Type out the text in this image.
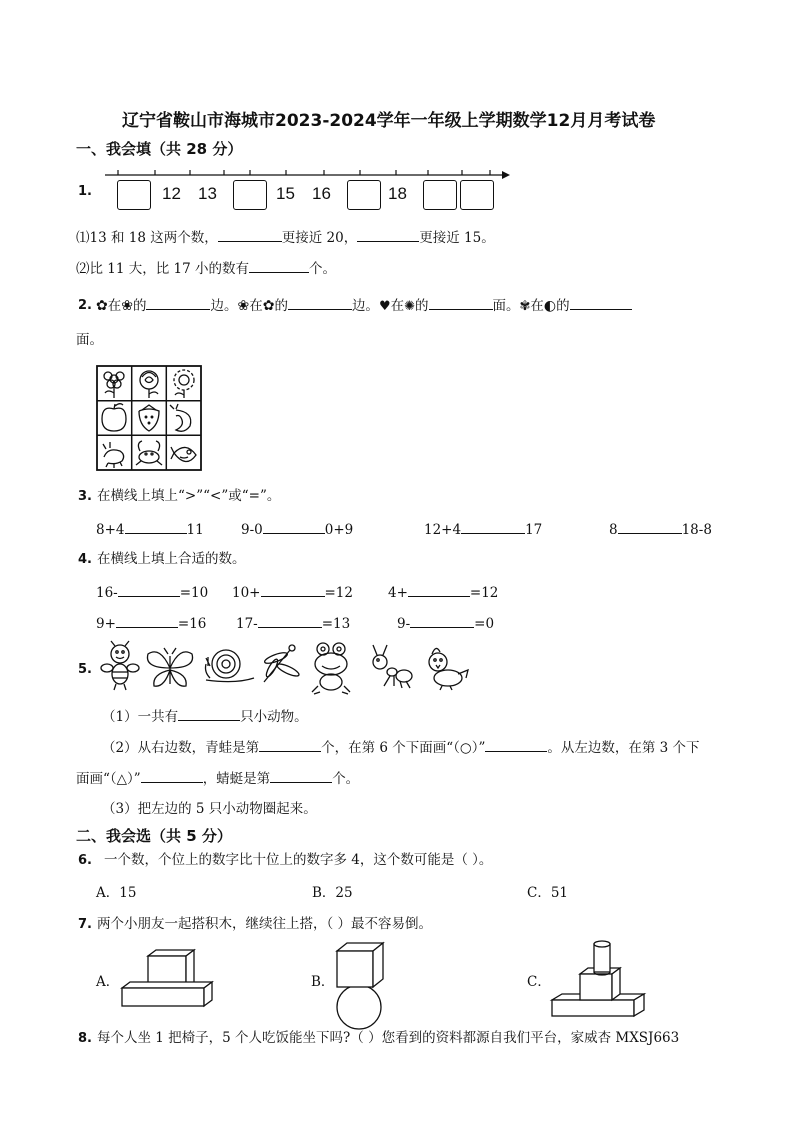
辽宁省鞍山市海城市2023-2024学年一年级上学期数学12月月考试卷
一、我会填（共 28 分）
1.	12 13	15 16	18
⑴13 和 18 这两个数，	更接近 20，	更接近 15。
⑵比 11 大，比 17 小的数有	个。
2. ✿在❀的	边。❀在✿的	边。♥在✺的	面。✾在◐的
面。
3. 在横线上填上“>”“<”或“=”。
8+4	11	9-0	0+9	12+4	17	8	18-8
4. 在横线上填上合适的数。
16-	=10 10+	=12	4+	=12
9+	=16 17-	=13	9-	=0
5.
（1）一共有	只小动物。
（2）从右边数，青蛙是第	个，在第 6 个下面画“（○）”	。从左边数，在第 3 个下
面画“（△）”	，蜻蜓是第	个。
（3）把左边的 5 只小动物圈起来。
二、我会选（共 5 分）
6. 一个数，个位上的数字比十位上的数字多 4，这个数可能是（ ）。
A．15	B．25	C．51
7. 两个小朋友一起搭积木，继续往上搭，（ ）最不容易倒。
A．	B．	C．
8. 每个人坐 1 把椅子，5 个人吃饭能坐下吗?（ ）您看到的资料都源自我们平台，家威杏 MXSJ663
